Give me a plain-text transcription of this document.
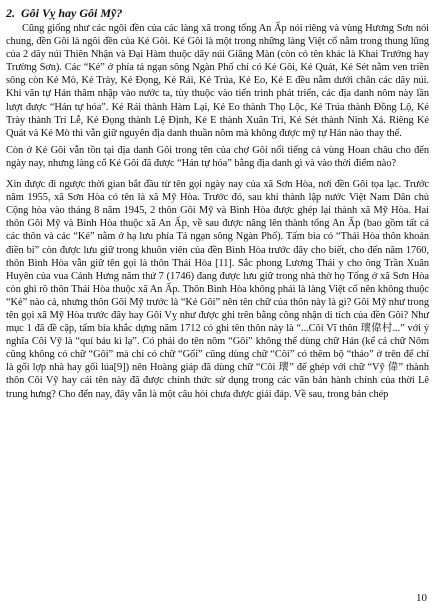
2. Gôi Vỵ hay Gôi Mỹ?

Cũng giống như các ngôi đền của các làng xã trong tổng An Ấp nói riêng và vùng Hương Sơn nói chung, đền Gôi là ngôi đền của Kẻ Gôi. Kẻ Gôi là một trong những làng Việt cổ nằm trong thung lũng của 2 dãy núi Thiên Nhận và Đại Hàm thuộc dãy núi Giăng Màn (còn có tên khác là Khai Trướng hay Trường Sơn). Các “Kẻ” ở phía tả ngạn sông Ngàn Phố chỉ có Kẻ Gôi, Kẻ Quát, Kẻ Sét nằm ven triền sông còn Kẻ Mò, Kẻ Trày, Kẻ Đọng, Kẻ Rái, Kẻ Trúa, Kẻ Eo, Kẻ E đều nằm dưới chân các dãy núi. Khi văn tự Hán thâm nhập vào nước ta, tùy thuộc vào tiến trình phát triển, các địa danh nôm này lần lượt được “Hán tự hóa”. Kẻ Rái thành Hàm Lại, Kẻ Eo thành Thọ Lộc, Kẻ Trúa thành Đồng Lộ, Kẻ Trày thành Trí Lễ, Kẻ Đọng thành Lệ Định, Kẻ E thành Xuân Trì, Kẻ Sét thành Ninh Xá. Riêng Kẻ Quát và Kẻ Mò thì vẫn giữ nguyên địa danh thuần nôm mà không được mỹ tự Hán nào thay thế.

Còn ở Kẻ Gôi vẫn tồn tại địa danh Gôi trong tên của chợ Gôi nổi tiếng cả vùng Hoan châu cho đến ngày nay, nhưng làng cổ Kẻ Gôi đã được “Hán tự hóa” bằng địa danh gì và vào thời điểm nào?

Xin được đi ngược thời gian bắt đầu từ tên gọi ngày nay của xã Sơn Hòa, nơi đền Gôi tọa lạc. Trước năm 1955, xã Sơn Hòa có tên là xã Mỹ Hòa. Trước đó, sau khi thành lập nước Việt Nam Dân chủ Cộng hòa vào tháng 8 năm 1945, 2 thôn Gôi Mỹ và Bình Hòa được ghép lại thành xã Mỹ Hòa. Hai thôn Gôi Mỹ và Bình Hòa thuộc xã An Ấp, về sau được nâng lên thành tổng An Ấp (bao gồm tất cả các thôn và các “Kẻ” nằm ở hạ lưu phía Tả ngạn sông Ngàn Phố). Tấm bia có “Thái Hòa thôn khoán điền bi” còn được lưu giữ trong khuôn viên của đền Bình Hòa trước đây cho biết, cho đến năm 1760, thôn Bình Hòa vẫn giữ tên gọi là thôn Thái Hòa [11]. Sắc phong Lương Thái y cho ông Trần Xuân Huyên của vua Cảnh Hưng năm thứ 7 (1746) đang được lưu giữ trong nhà thờ họ Tống ở xã Sơn Hòa còn ghi rõ thôn Thái Hòa thuộc xã An Ấp. Thôn Bình Hòa không phải là làng Việt cổ nên không thuộc “Kẻ” nào cả, nhưng thôn Gôi Mỹ trước là “Kẻ Gôi” nên tên chữ của thôn này là gì? Gôi Mỹ như trong tên gọi xã Mỹ Hòa trước đây hay Gôi Vỵ như được ghi trên bằng công nhận di tích của đền Gôi? Như mục 1 đã đề cập, tấm bia khắc dựng năm 1712 có ghi tên thôn này là “...Côi Vĩ thôn 瓌偉村...” với ý nghĩa Côi Vỹ là “quí báu kì lạ”. Có phải do tên nôm “Gôi” không thể dùng chữ Hán (kể cả chữ Nôm cũng không có chữ “Gôi” mà chỉ có chữ “Gối” cũng dùng chữ “Côi” có thêm bộ “thảo” ở trên để chỉ là gối lợp nhà hay gối lúa[9]) nên Hoàng giáp đã dùng chữ “Côi 瓌” để ghép với chữ “Vỹ 偉” thành thôn Côi Vỹ hay cái tên này đã được chính thức sử dụng trong các văn bản hành chính của thời Lê trung hưng? Cho đến nay, đây vẫn là một câu hỏi chưa được giải đáp. Về sau, trong bản chép

10
